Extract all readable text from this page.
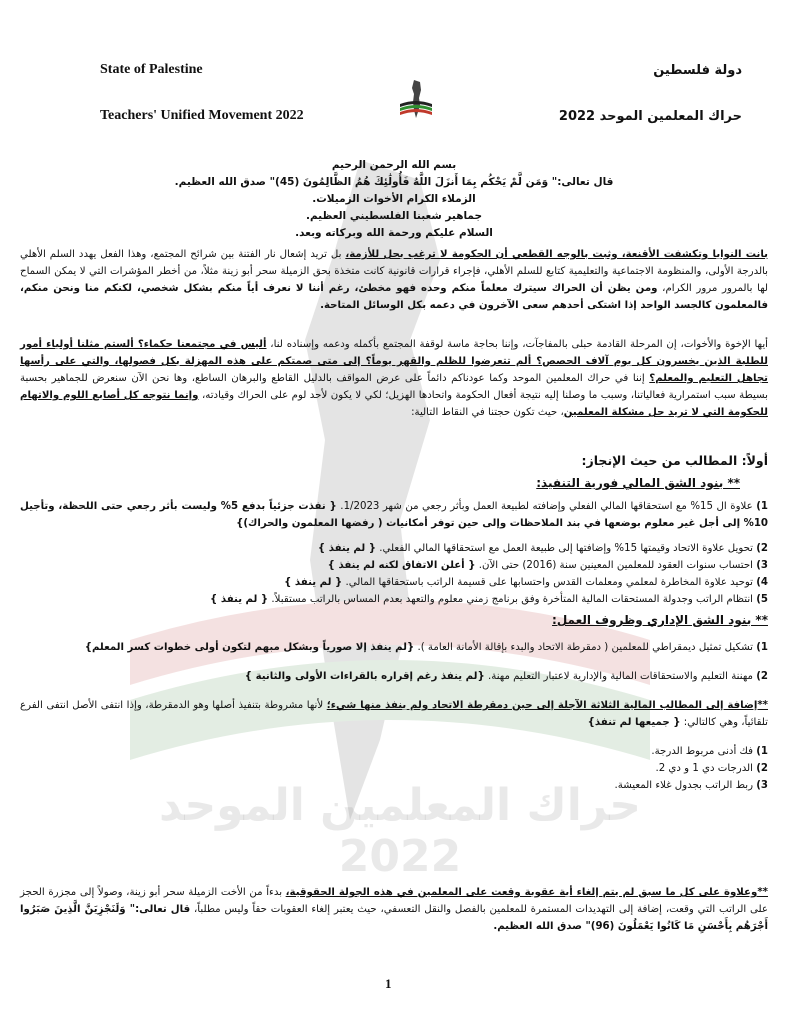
حراك المعلمين الموحد 2022
State of Palestine
Teachers' Unified Movement 2022
دولة فلسطين
حراك المعلمين الموحد 2022

بسم الله الرحمن الرحيم

قال تعالى:" وَمَن لَّمْ يَحْكُم بِمَا أَنزَلَ اللَّهُ فَأُولَٰئِكَ هُمُ الظَّالِمُونَ (45)" صدق الله العظيم.

الزملاء الكرام الأخوات الزميلات.

جماهير شعبنا الفلسطيني العظيم.

السلام عليكم ورحمة الله وبركاته وبعد.

بانت النوايا وتكشفت الأقنعة، وثبت بالوجه القطعي أن الحكومة لا ترغب بحل للأزمة، بل تريد إشعال نار الفتنة بين شرائح المجتمع، وهذا الفعل يهدد السلم الأهلي بالدرجة الأولى، والمنظومة الاجتماعية والتعليمية كتابع للسلم الأهلي، فإجراء قرارات قانونية كانت متخذة بحق الزميلة سحر أبو زينة مثلاً، من أخطر المؤشرات التي لا يمكن السماح لها بالمرور مرور الكرام، ومن يظن أن الحراك سيترك معلماً منكم وحده فهو مخطئ، رغم أننا لا نعرف أياً منكم بشكل شخصي، لكنكم منا ونحن منكم، فالمعلمون كالجسد الواحد إذا اشتكى أحدهم سعى الآخرون في دعمه بكل الوسائل المتاحة.

أيها الإخوة والأخوات، إن المرحلة القادمة حبلى بالمفاجآت، وإننا بحاجة ماسة لوقفة المجتمع بأكمله ودعمه وإسناده لنا، أليس في مجتمعنا حكماء؟ ألستم مثلنا أولياء أمور للطلبة الذين يخسرون كل يوم آلاف الحصص؟ ألم تتعرضوا للظلم والقهر يوماً؟ إلى متى صمتكم على هذه المهزلة بكل فصولها، والتي على رأسها تجاهل التعليم والمعلم؟ إننا في حراك المعلمين الموحد وكما عودناكم دائماً على عرض المواقف بالدليل القاطع والبرهان الساطع، وها نحن الآن سنعرض للجماهير بحسبة بسيطة سبب استمرارية فعالياتنا، وسبب ما وصلنا إليه نتيجة أفعال الحكومة واتحادها الهزيل؛ لكي لا يكون لأحد لوم على الحراك وقيادته، وإنما نتوجه كل أصابع اللوم والاتهام للحكومة التي لا تريد حل مشكلة المعلمين، حيث تكون حجتنا في النقاط التالية:

أولاً: المطالب من حيث الإنجاز:

** بنود الشق المالي فورية التنفيذ:

1) علاوة ال 15% مع استحقاقها المالي الفعلي وإضافته لطبيعة العمل وبأثر رجعي من شهر 1/2023. { نفذت جزئياً بدفع 5% وليست بأثر رجعي حتى اللحظة، وتأجيل 10% إلى أجل غير معلوم بوضعها في بند الملاحظات وإلى حين توفر أمكانيات ( رفضها المعلمون والحراك)}

2) تحويل علاوة الاتحاد وقيمتها 15% وإضافتها إلى طبيعة العمل مع استحقاقها المالي الفعلي. { لم ينفذ }

3) احتساب سنوات العقود للمعلمين المعينين سنة (2016) حتى الآن. { أعلن الاتفاق لكنه لم ينفذ }

4) توحيد علاوة المخاطرة لمعلمي ومعلمات القدس واحتسابها على قسيمة الراتب باستحقاقها المالي. { لم ينفذ }

5) انتظام الراتب وجدولة المستحقات المالية المتأخرة وفق برنامج زمني معلوم والتعهد بعدم المساس بالراتب مستقبلاً. { لم ينفذ }

** بنود الشق الإداري وظروف العمل:

1) تشكيل تمثيل ديمقراطي للمعلمين ( دمقرطة الاتحاد والبدء بإقالة الأمانة العامة ). {لم ينفذ إلا صورياً وبشكل مبهم لتكون أولى خطوات كسر المعلم}

2) مهننة التعليم والاستحقاقات المالية والإدارية لاعتبار التعليم مهنة. {لم ينفذ رغم إقراره بالقراءات الأولى والثانية }

**إضافة إلى المطالب المالية الثلاثة الآجلة إلى حين دمقرطة الاتحاد ولم ينفذ منها شيء؛ لأنها مشروطة بتنفيذ أصلها وهو الدمقرطة، وإذا انتفى الأصل انتفى الفرع تلقائياً، وهي كالتالي: { جميعها لم تنفذ}

1) فك أدنى مربوط الدرجة.

2) الدرجات دي 1 و دي 2.

3) ربط الراتب بجدول غلاء المعيشة.

**وعلاوة على كل ما سبق لم يتم إلغاء أية عقوبة وقعت على المعلمين في هذه الجولة الحقوقية، بدءاً من الأخت الزميلة سحر أبو زينة، وصولاً إلى مجزرة الحجز على الراتب التي وقعت، إضافة إلى التهديدات المستمرة للمعلمين بالفصل والنقل التعسفي، حيث يعتبر إلغاء العقوبات حقاً وليس مطلباً، قال تعالى:" وَلَنَجْزِيَنَّ الَّذِينَ صَبَرُوا أَجْرَهُم بِأَحْسَنِ مَا كَانُوا يَعْمَلُونَ (96)" صدق الله العظيم.

1
